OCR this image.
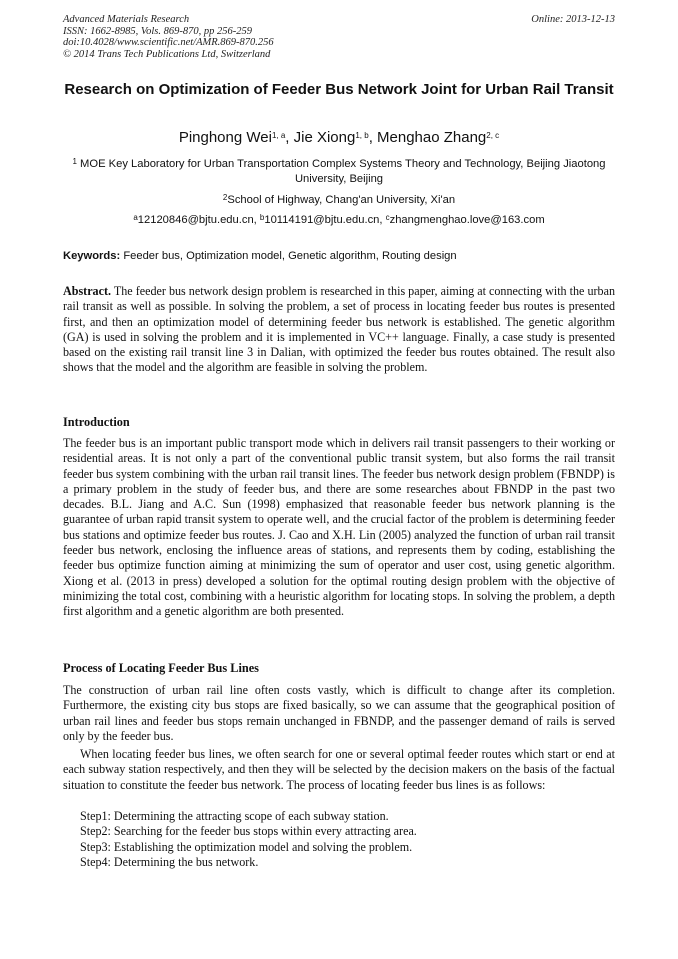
Advanced Materials Research
ISSN: 1662-8985, Vols. 869-870, pp 256-259
doi:10.4028/www.scientific.net/AMR.869-870.256
© 2014 Trans Tech Publications Ltd, Switzerland
Online: 2013-12-13
Research on Optimization of Feeder Bus Network Joint for Urban Rail Transit
Pinghong Wei$^{1, a}$, Jie Xiong$^{1, b}$, Menghao Zhang$^{2, c}$
$^1$ MOE Key Laboratory for Urban Transportation Complex Systems Theory and Technology, Beijing Jiaotong University, Beijing
$^2$School of Highway, Chang'an University, Xi'an
$^a$12120846@bjtu.edu.cn, $^b$10114191@bjtu.edu.cn, $^c$zhangmenghao.love@163.com
Keywords: Feeder bus, Optimization model, Genetic algorithm, Routing design
Abstract. The feeder bus network design problem is researched in this paper, aiming at connecting with the urban rail transit as well as possible. In solving the problem, a set of process in locating feeder bus routes is presented first, and then an optimization model of determining feeder bus network is established. The genetic algorithm (GA) is used in solving the problem and it is implemented in VC++ language. Finally, a case study is presented based on the existing rail transit line 3 in Dalian, with optimized the feeder bus routes obtained. The result also shows that the model and the algorithm are feasible in solving the problem.
Introduction
The feeder bus is an important public transport mode which in delivers rail transit passengers to their working or residential areas. It is not only a part of the conventional public transit system, but also forms the rail transit feeder bus system combining with the urban rail transit lines. The feeder bus network design problem (FBNDP) is a primary problem in the study of feeder bus, and there are some researches about FBNDP in the past two decades. B.L. Jiang and A.C. Sun (1998) emphasized that reasonable feeder bus network planning is the guarantee of urban rapid transit system to operate well, and the crucial factor of the problem is determining feeder bus stations and optimize feeder bus routes. J. Cao and X.H. Lin (2005) analyzed the function of urban rail transit feeder bus network, enclosing the influence areas of stations, and represents them by coding, establishing the feeder bus optimize function aiming at minimizing the sum of operator and user cost, using genetic algorithm. Xiong et al. (2013 in press) developed a solution for the optimal routing design problem with the objective of minimizing the total cost, combining with a heuristic algorithm for locating stops. In solving the problem, a depth first algorithm and a genetic algorithm are both presented.
Process of Locating Feeder Bus Lines
The construction of urban rail line often costs vastly, which is difficult to change after its completion. Furthermore, the existing city bus stops are fixed basically, so we can assume that the geographical position of urban rail lines and feeder bus stops remain unchanged in FBNDP, and the passenger demand of rails is served only by the feeder bus.
When locating feeder bus lines, we often search for one or several optimal feeder routes which start or end at each subway station respectively, and then they will be selected by the decision makers on the basis of the factual situation to constitute the feeder bus network. The process of locating feeder bus lines is as follows:
Step1: Determining the attracting scope of each subway station.
Step2: Searching for the feeder bus stops within every attracting area.
Step3: Establishing the optimization model and solving the problem.
Step4: Determining the bus network.
